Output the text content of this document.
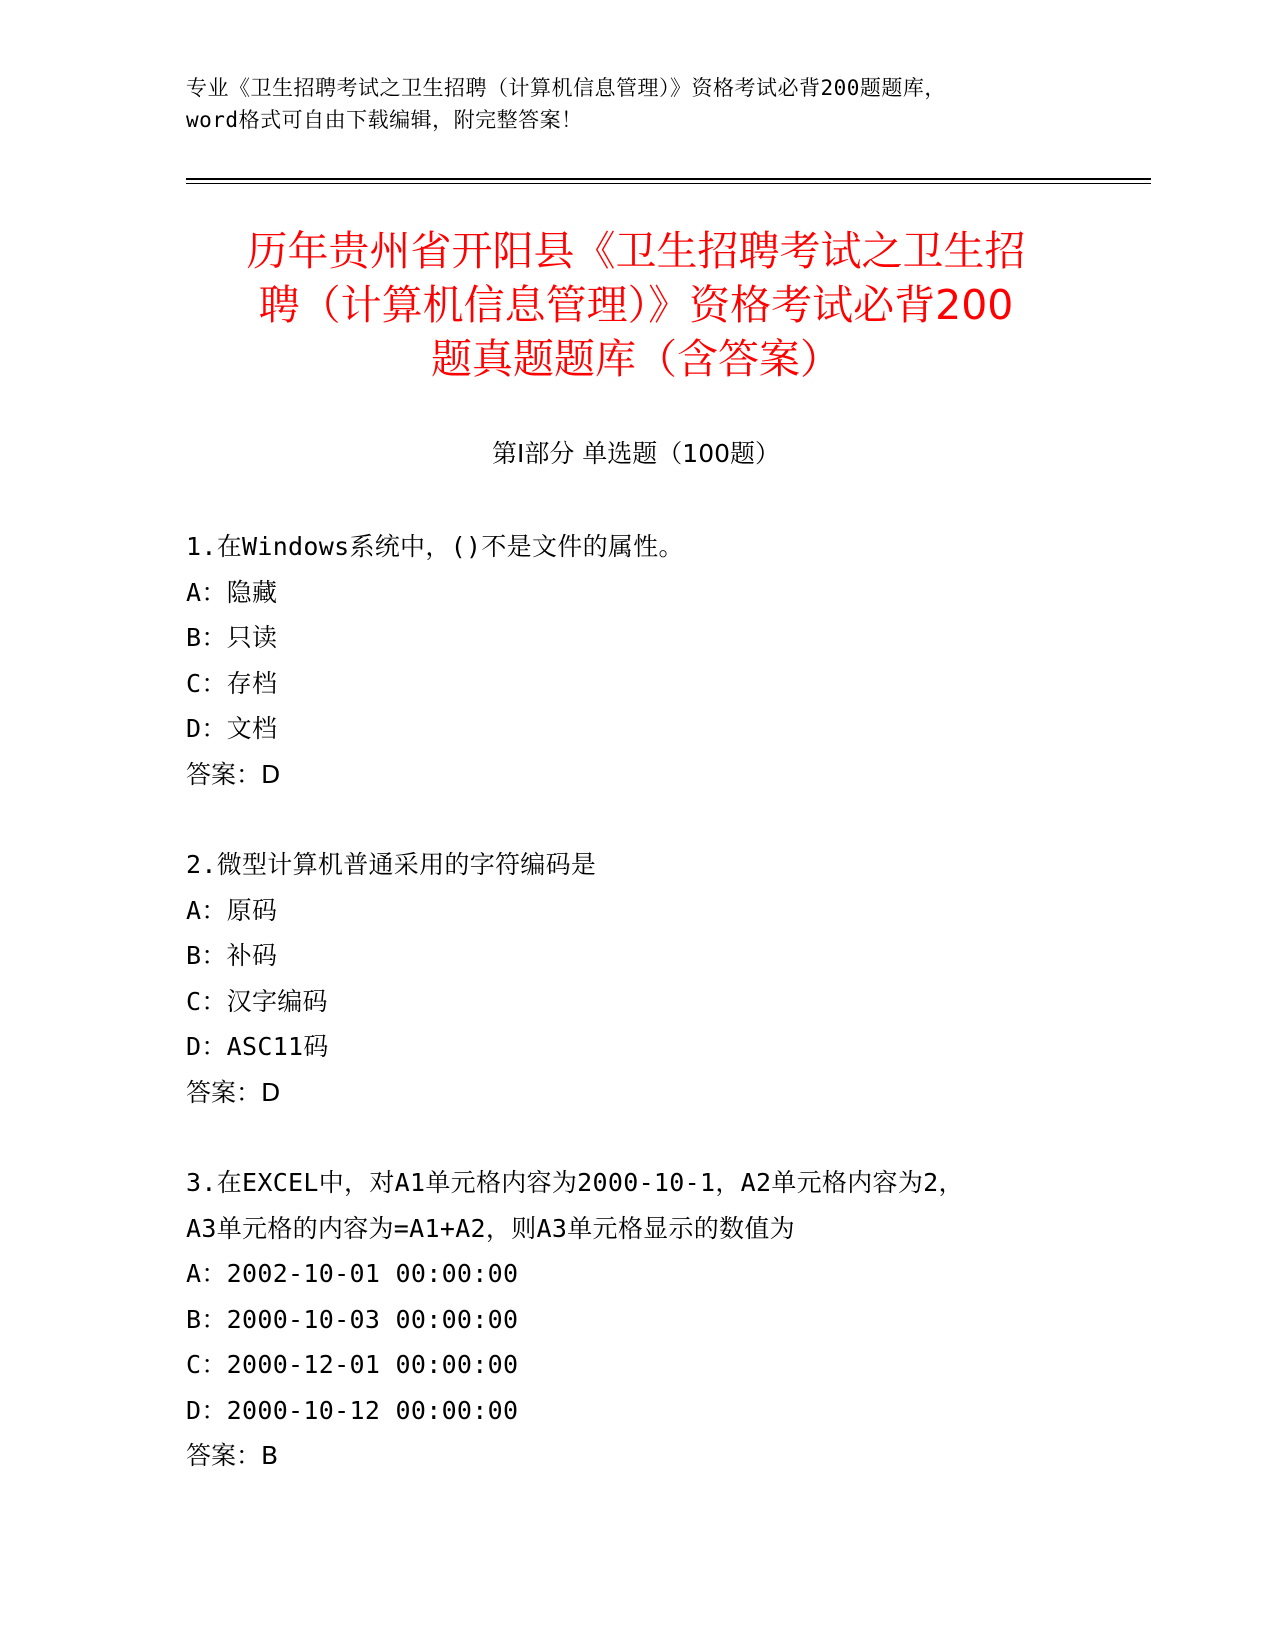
专业《卫生招聘考试之卫生招聘（计算机信息管理）》资格考试必背200题题库，
word格式可自由下载编辑，附完整答案！
历年贵州省开阳县《卫生招聘考试之卫生招
聘（计算机信息管理）》资格考试必背200
题真题题库（含答案）
第Ⅰ部分 单选题（100题）
1.在Windows系统中，()不是文件的属性。
A：隐藏
B：只读
C：存档
D：文档
答案：D
2.微型计算机普通采用的字符编码是
A：原码
B：补码
C：汉字编码
D：ASC11码
答案：D
3.在EXCEL中，对A1单元格内容为2000-10-1，A2单元格内容为2，
A3单元格的内容为=A1+A2，则A3单元格显示的数值为
A：2002-10-01 00:00:00
B：2000-10-03 00:00:00
C：2000-12-01 00:00:00
D：2000-10-12 00:00:00
答案：B
